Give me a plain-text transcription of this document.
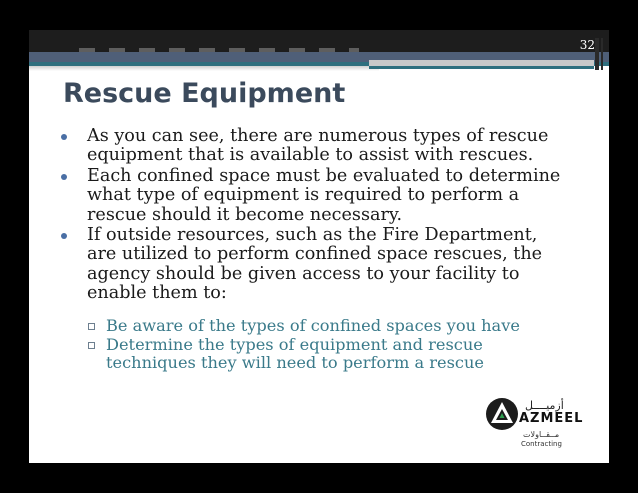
32
Rescue Equipment
As you can see, there are numerous types of rescue
equipment that is available to assist with rescues.
Each confined space must be evaluated to determine
what type of equipment is required to perform a
rescue should it become necessary.
If outside resources, such as the Fire Department,
are utilized to perform confined space rescues, the
agency should be given access to your facility to
enable them to:
Be aware of the types of confined spaces you have
Determine the types of equipment and rescue
techniques they will need to perform a rescue
أزميــــل
AZMEEL
مــقــاولات
Contracting
